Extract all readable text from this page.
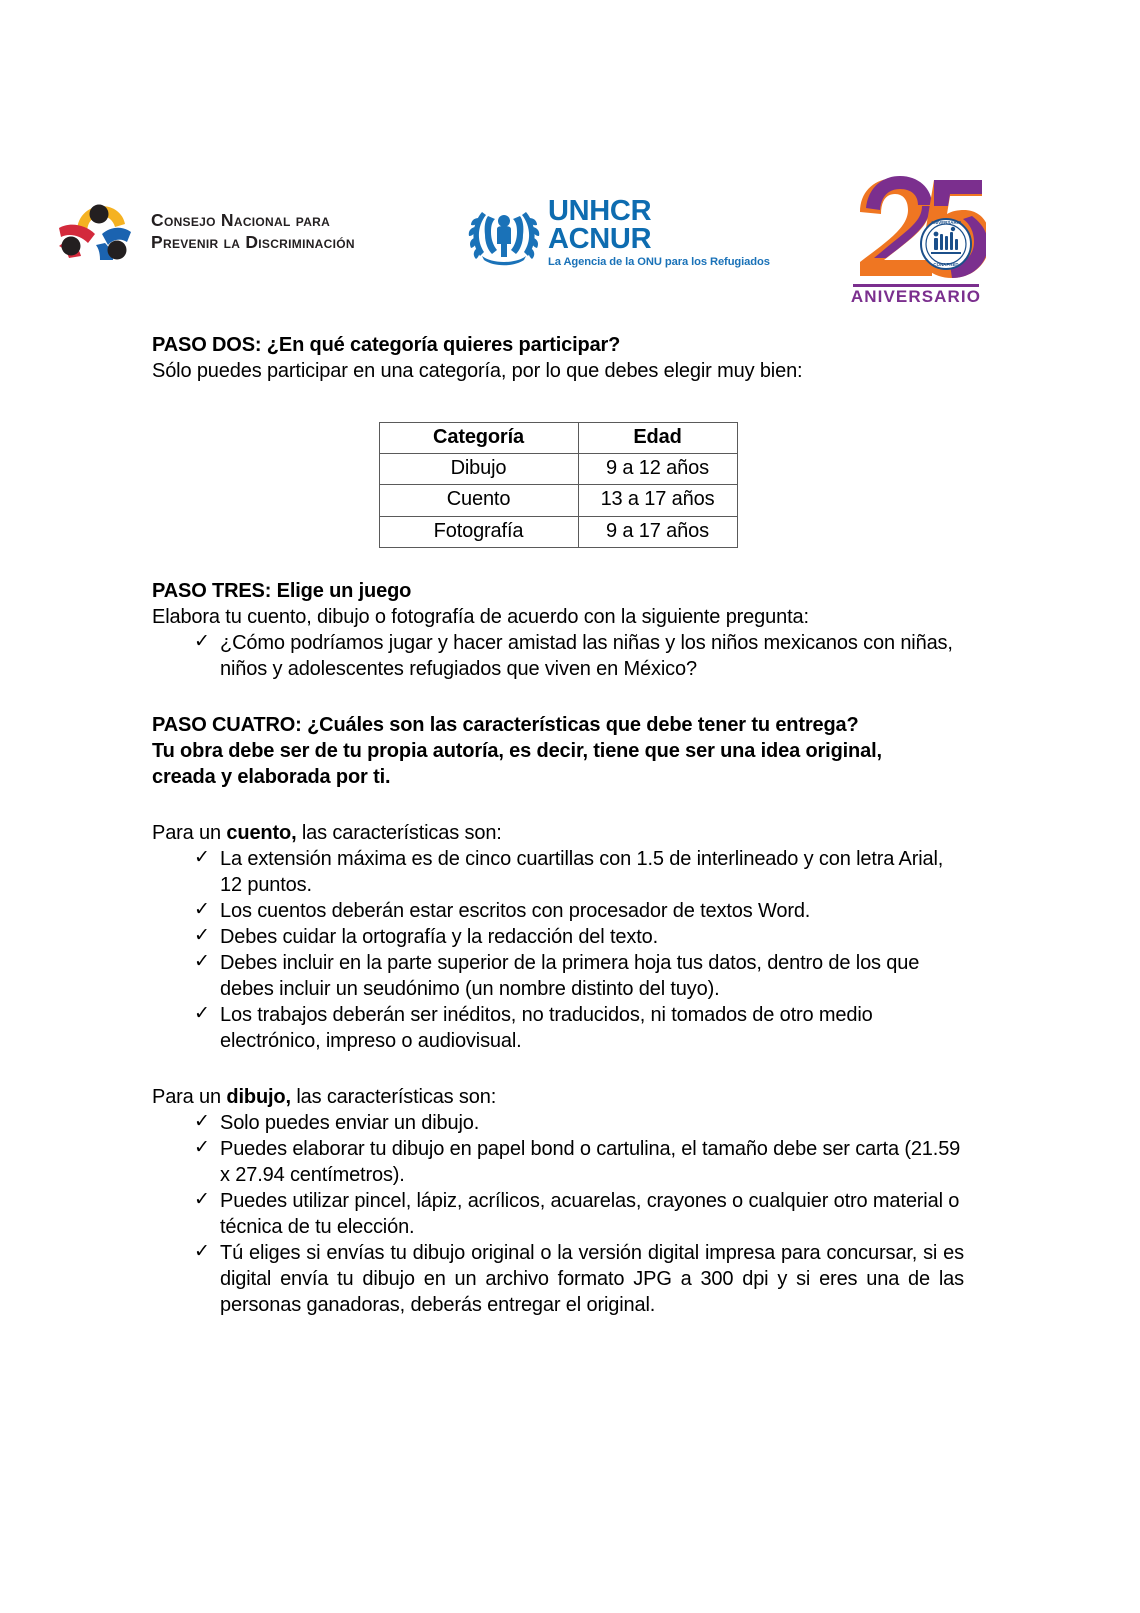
Consejo Nacional para
Prevenir la Discriminación
UNHCR
ACNUR
La Agencia de la ONU para los Refugiados
ANIVERSARIO
CONAPRED
ANIVERSARIO
PASO DOS: ¿En qué categoría quieres participar?
Sólo puedes participar en una categoría, por lo que debes elegir muy bien:
Categoría	Edad
Dibujo	9 a 12 años
Cuento	13 a 17 años
Fotografía	9 a 17 años
PASO TRES: Elige un juego
Elabora tu cuento, dibujo o fotografía de acuerdo con la siguiente pregunta:
✓ ¿Cómo podríamos jugar y hacer amistad las niñas y los niños mexicanos con niñas, niños y adolescentes refugiados que viven en México?
PASO CUATRO: ¿Cuáles son las características que debe tener tu entrega?
Tu obra debe ser de tu propia autoría, es decir, tiene que ser una idea original,
creada y elaborada por ti.
Para un cuento, las características son:
✓ La extensión máxima es de cinco cuartillas con 1.5 de interlineado y con letra Arial, 12 puntos.
✓ Los cuentos deberán estar escritos con procesador de textos Word.
✓ Debes cuidar la ortografía y la redacción del texto.
✓ Debes incluir en la parte superior de la primera hoja tus datos, dentro de los que debes incluir un seudónimo (un nombre distinto del tuyo).
✓ Los trabajos deberán ser inéditos, no traducidos, ni tomados de otro medio electrónico, impreso o audiovisual.
Para un dibujo, las características son:
✓ Solo puedes enviar un dibujo.
✓ Puedes elaborar tu dibujo en papel bond o cartulina, el tamaño debe ser carta (21.59 x 27.94 centímetros).
✓ Puedes utilizar pincel, lápiz, acrílicos, acuarelas, crayones o cualquier otro material o técnica de tu elección.
✓ Tú eliges si envías tu dibujo original o la versión digital impresa para concursar, si es digital envía tu dibujo en un archivo formato JPG a 300 dpi y si eres una de las personas ganadoras, deberás entregar el original.
